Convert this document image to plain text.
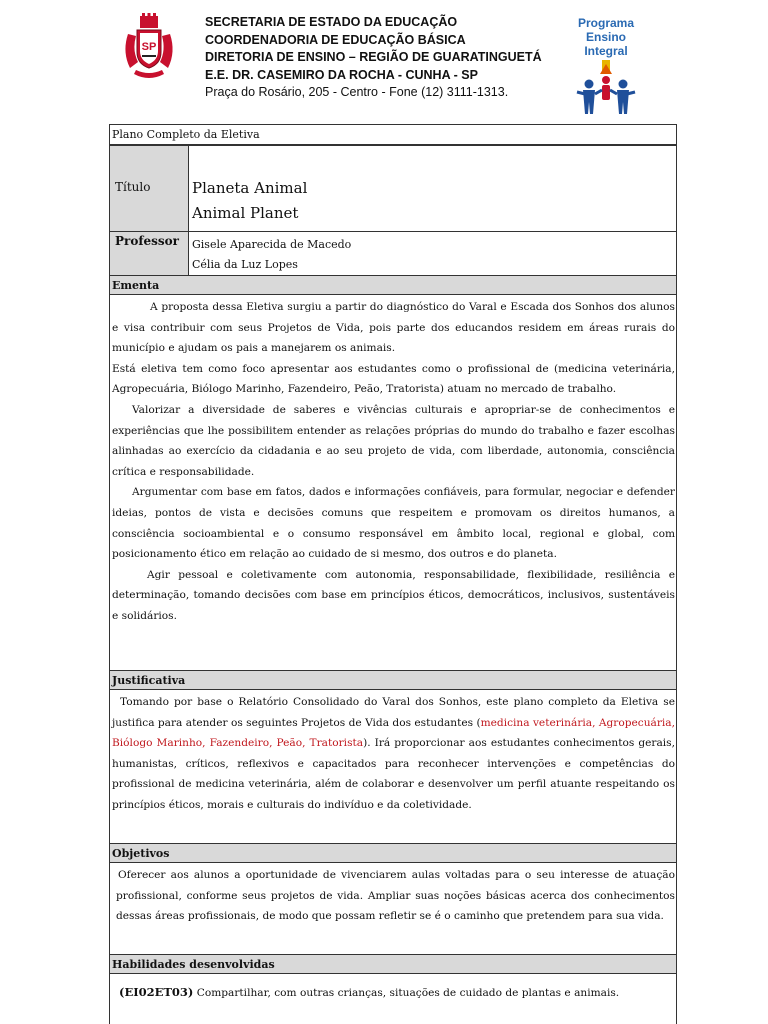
SP
SECRETARIA DE ESTADO DA EDUCAÇÃO
COORDENADORIA DE EDUCAÇÃO BÁSICA
DIRETORIA DE ENSINO – REGIÃO DE GUARATINGUETÁ
E.E. DR. CASEMIRO DA ROCHA - CUNHA - SP
Praça do Rosário, 205 - Centro - Fone (12) 3111-1313.
Programa Ensino
Integral
Plano Completo da Eletiva
Título	Planeta Animal
Animal Planet
Professor	Gisele Aparecida de Macedo
Célia da Luz Lopes
Ementa

A proposta dessa Eletiva surgiu a partir do diagnóstico do Varal e Escada dos Sonhos dos alunos e visa contribuir com seus Projetos de Vida, pois parte dos educandos residem em áreas rurais do município e ajudam os pais a manejarem os animais.

Está eletiva tem como foco apresentar aos estudantes como o profissional de (medicina veterinária, Agropecuária, Biólogo Marinho, Fazendeiro, Peão, Tratorista) atuam no mercado de trabalho.

Valorizar a diversidade de saberes e vivências culturais e apropriar-se de conhecimentos e experiências que lhe possibilitem entender as relações próprias do mundo do trabalho e fazer escolhas alinhadas ao exercício da cidadania e ao seu projeto de vida, com liberdade, autonomia, consciência crítica e responsabilidade.

Argumentar com base em fatos, dados e informações confiáveis, para formular, negociar e defender ideias, pontos de vista e decisões comuns que respeitem e promovam os direitos humanos, a consciência socioambiental e o consumo responsável em âmbito local, regional e global, com posicionamento ético em relação ao cuidado de si mesmo, dos outros e do planeta.

Agir pessoal e coletivamente com autonomia, responsabilidade, flexibilidade, resiliência e determinação, tomando decisões com base em princípios éticos, democráticos, inclusivos, sustentáveis e solidários.

Justificativa

Tomando por base o Relatório Consolidado do Varal dos Sonhos, este plano completo da Eletiva se justifica para atender os seguintes Projetos de Vida dos estudantes (medicina veterinária, Agropecuária, Biólogo Marinho, Fazendeiro, Peão, Tratorista). Irá proporcionar aos estudantes conhecimentos gerais, humanistas, críticos, reflexivos e capacitados para reconhecer intervenções e competências do profissional de medicina veterinária, além de colaborar e desenvolver um perfil atuante respeitando os princípios éticos, morais e culturais do indivíduo e da coletividade.

Objetivos

Oferecer aos alunos a oportunidade de vivenciarem aulas voltadas para o seu interesse de atuação profissional, conforme seus projetos de vida. Ampliar suas noções básicas acerca dos conhecimentos dessas áreas profissionais, de modo que possam refletir se é o caminho que pretendem para sua vida.

Habilidades desenvolvidas

(EI02ET03) Compartilhar, com outras crianças, situações de cuidado de plantas e animais.
